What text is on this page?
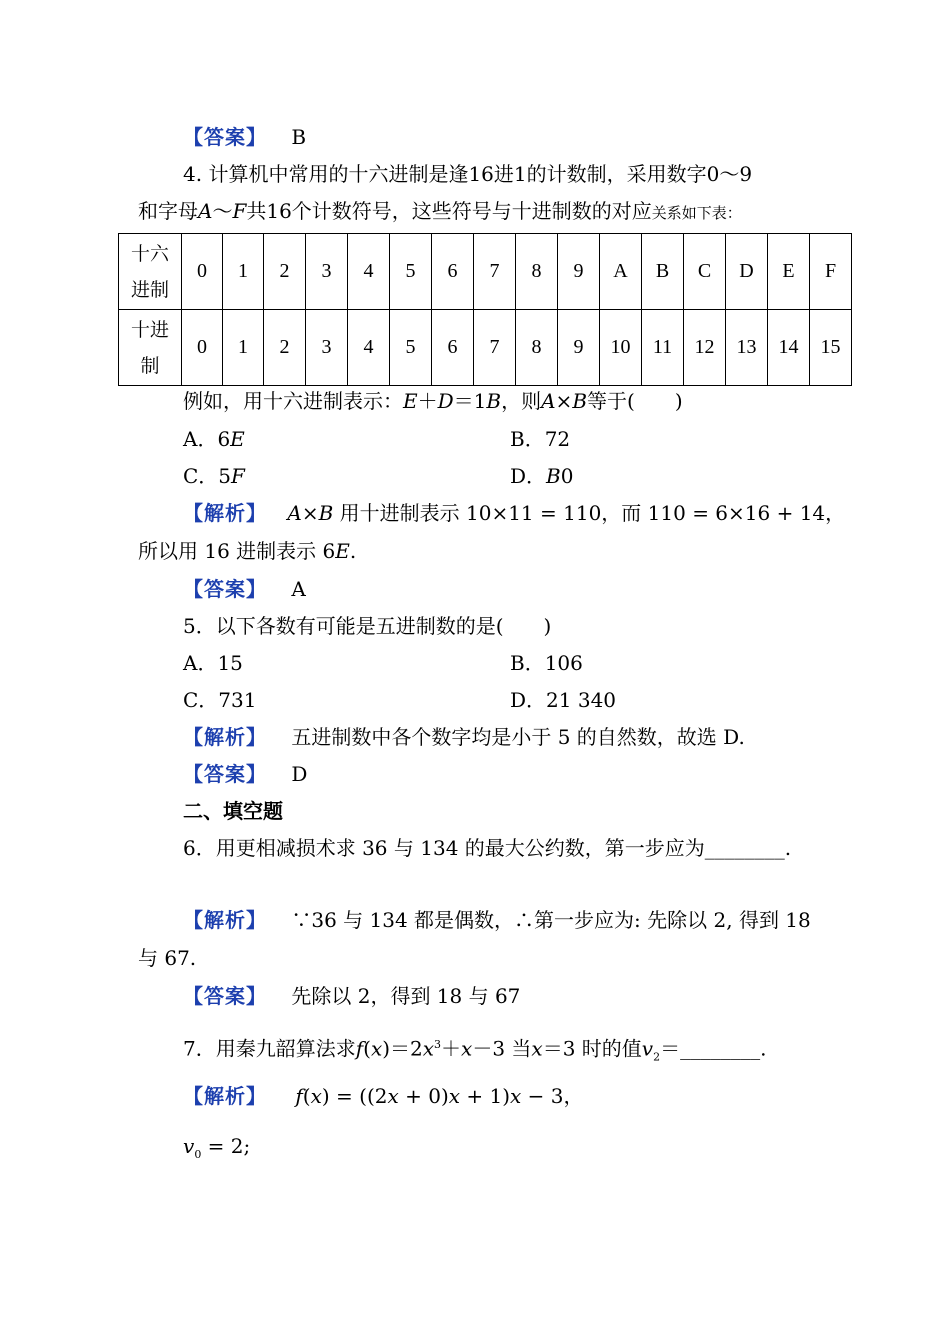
【答案】 B
4. 计算机中常用的十六进制是逢16进1的计数制，采用数字0～9
和字母A～F共16个计数符号，这些符号与十进制数的对应关系如下表：
十六
进制	0	1	2	3	4	5	6	7	8	9	A	B	C	D	E	F

十进
制	0	1	2	3	4	5	6	7	8	9	10	11	12	13	14	15
例如，用十六进制表示：E＋D＝1B，则A×B等于(　　)
A．6E	B．72
C．5F	D．B0
【解析】 A×B 用十进制表示 10×11 = 110，而 110 = 6×16 + 14，
所以用 16 进制表示 6E.
【答案】 A
5．以下各数有可能是五进制数的是(　　)
A．15	B．106
C．731	D．21 340
【解析】 五进制数中各个数字均是小于 5 的自然数，故选 D.
【答案】 D
二、填空题
6．用更相减损术求 36 与 134 的最大公约数，第一步应为________.
【解析】 ∵36 与 134 都是偶数，∴第一步应为: 先除以 2, 得到 18
与 67.
【答案】 先除以 2，得到 18 与 67
7．用秦九韶算法求$f(x)=2x^3+x-3$ 当x＝3 时的值$v_2=\_\_\_\_\_\_\_\_$.
【解析】 f(x) = ((2x + 0)x + 1)x − 3，
$v_0 = 2$;
